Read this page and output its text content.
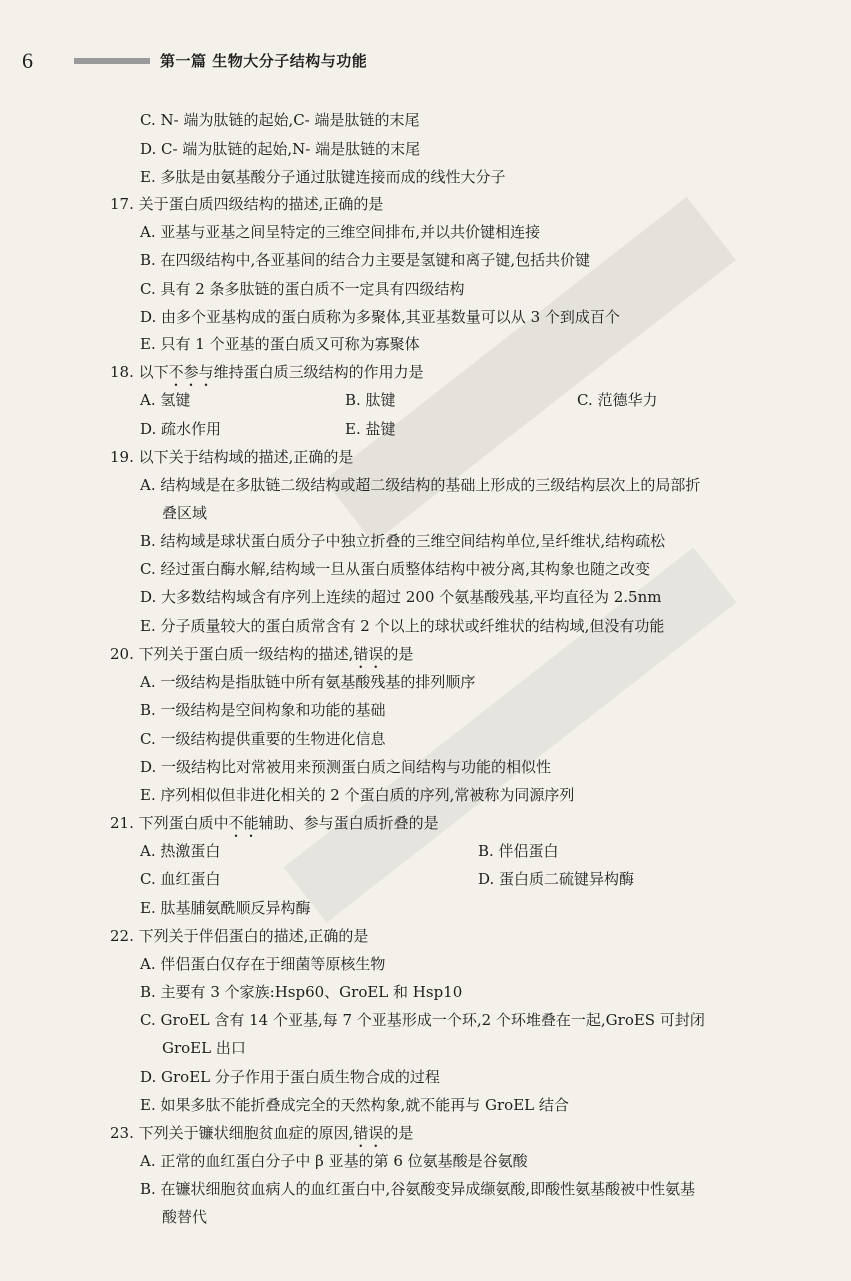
6	第一篇 生物大分子结构与功能
C. N- 端为肽链的起始,C- 端是肽链的末尾
D. C- 端为肽链的起始,N- 端是肽链的末尾
E. 多肽是由氨基酸分子通过肽键连接而成的线性大分子
17. 关于蛋白质四级结构的描述,正确的是
A. 亚基与亚基之间呈特定的三维空间排布,并以共价键相连接
B. 在四级结构中,各亚基间的结合力主要是氢键和离子键,包括共价键
C. 具有 2 条多肽链的蛋白质不一定具有四级结构
D. 由多个亚基构成的蛋白质称为多聚体,其亚基数量可以从 3 个到成百个
E. 只有 1 个亚基的蛋白质又可称为寡聚体
18. 以下不参与维持蛋白质三级结构的作用力是
A. 氢键	B. 肽键	C. 范德华力
D. 疏水作用	E. 盐键
19. 以下关于结构域的描述,正确的是
A. 结构域是在多肽链二级结构或超二级结构的基础上形成的三级结构层次上的局部折
叠区域
B. 结构域是球状蛋白质分子中独立折叠的三维空间结构单位,呈纤维状,结构疏松
C. 经过蛋白酶水解,结构域一旦从蛋白质整体结构中被分离,其构象也随之改变
D. 大多数结构域含有序列上连续的超过 200 个氨基酸残基,平均直径为 2.5nm
E. 分子质量较大的蛋白质常含有 2 个以上的球状或纤维状的结构域,但没有功能
20. 下列关于蛋白质一级结构的描述,错误的是
A. 一级结构是指肽链中所有氨基酸残基的排列顺序
B. 一级结构是空间构象和功能的基础
C. 一级结构提供重要的生物进化信息
D. 一级结构比对常被用来预测蛋白质之间结构与功能的相似性
E. 序列相似但非进化相关的 2 个蛋白质的序列,常被称为同源序列
21. 下列蛋白质中不能辅助、参与蛋白质折叠的是
A. 热激蛋白	B. 伴侣蛋白
C. 血红蛋白	D. 蛋白质二硫键异构酶
E. 肽基脯氨酰顺反异构酶
22. 下列关于伴侣蛋白的描述,正确的是
A. 伴侣蛋白仅存在于细菌等原核生物
B. 主要有 3 个家族:Hsp60、GroEL 和 Hsp10
C. GroEL 含有 14 个亚基,每 7 个亚基形成一个环,2 个环堆叠在一起,GroES 可封闭
GroEL 出口
D. GroEL 分子作用于蛋白质生物合成的过程
E. 如果多肽不能折叠成完全的天然构象,就不能再与 GroEL 结合
23. 下列关于镰状细胞贫血症的原因,错误的是
A. 正常的血红蛋白分子中 β 亚基的第 6 位氨基酸是谷氨酸
B. 在镰状细胞贫血病人的血红蛋白中,谷氨酸变异成缬氨酸,即酸性氨基酸被中性氨基
酸替代
